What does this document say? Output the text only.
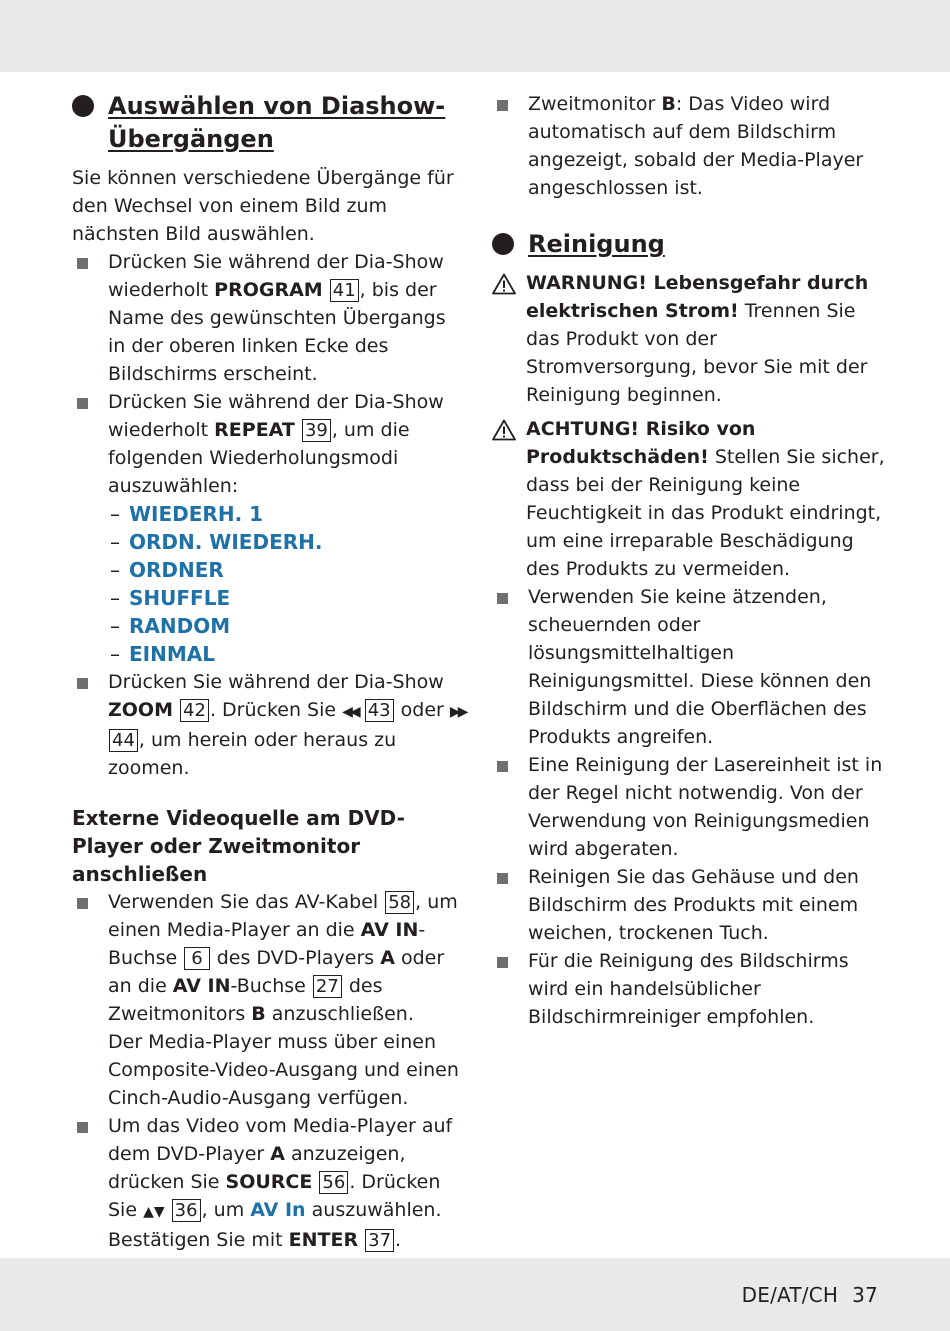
Auswählen von Diashow-Übergängen

Sie können verschiedene Übergänge für den Wechsel von einem Bild zum nächsten Bild auswählen.

Drücken Sie während der Dia-Show wiederholt PROGRAM 41 , bis der Name des gewünschten Übergangs in der oberen linken Ecke des Bildschirms erscheint.
Drücken Sie während der Dia-Show wiederholt REPEAT 39 , um die folgenden Wiederholungsmodi auszuwählen:
– WIEDERH. 1
– ORDN. WIEDERH.
– ORDNER
– SHUFFLE
– RANDOM
– EINMAL
Drücken Sie während der Dia-Show ZOOM 42 . Drücken Sie ◀◀ 43 oder ▶▶ 44 , um herein oder heraus zu zoomen.
Externe Videoquelle am DVD-Player oder Zweitmonitor anschließen
Verwenden Sie das AV-Kabel 58 , um einen Media-Player an die AV IN-Buchse 6 des DVD-Players A oder an die AV IN-Buchse 27 des Zweitmonitors B anzuschließen.
Der Media-Player muss über einen Composite-Video-Ausgang und einen Cinch-Audio-Ausgang verfügen.
Um das Video vom Media-Player auf dem DVD-Player A anzuzeigen, drücken Sie SOURCE 56 . Drücken Sie ▲▼ 36 , um AV In auszuwählen. Bestätigen Sie mit ENTER 37 .
Zweitmonitor B: Das Video wird automatisch auf dem Bildschirm angezeigt, sobald der Media-Player angeschlossen ist.
Reinigung
WARNUNG! Lebensgefahr durch elektrischen Strom! Trennen Sie das Produkt von der Stromversorgung, bevor Sie mit der Reinigung beginnen.
ACHTUNG! Risiko von Produktschäden! Stellen Sie sicher, dass bei der Reinigung keine Feuchtigkeit in das Produkt eindringt, um eine irreparable Beschädigung des Produkts zu vermeiden.
Verwenden Sie keine ätzenden, scheuernden oder lösungsmittelhaltigen Reinigungsmittel. Diese können den Bildschirm und die Oberflächen des Produkts angreifen.
Eine Reinigung der Lasereinheit ist in der Regel nicht notwendig. Von der Verwendung von Reinigungsmedien wird abgeraten.
Reinigen Sie das Gehäuse und den Bildschirm des Produkts mit einem weichen, trockenen Tuch.
Für die Reinigung des Bildschirms wird ein handelsüblicher Bildschirmreiniger empfohlen.
DE/AT/CH 37
